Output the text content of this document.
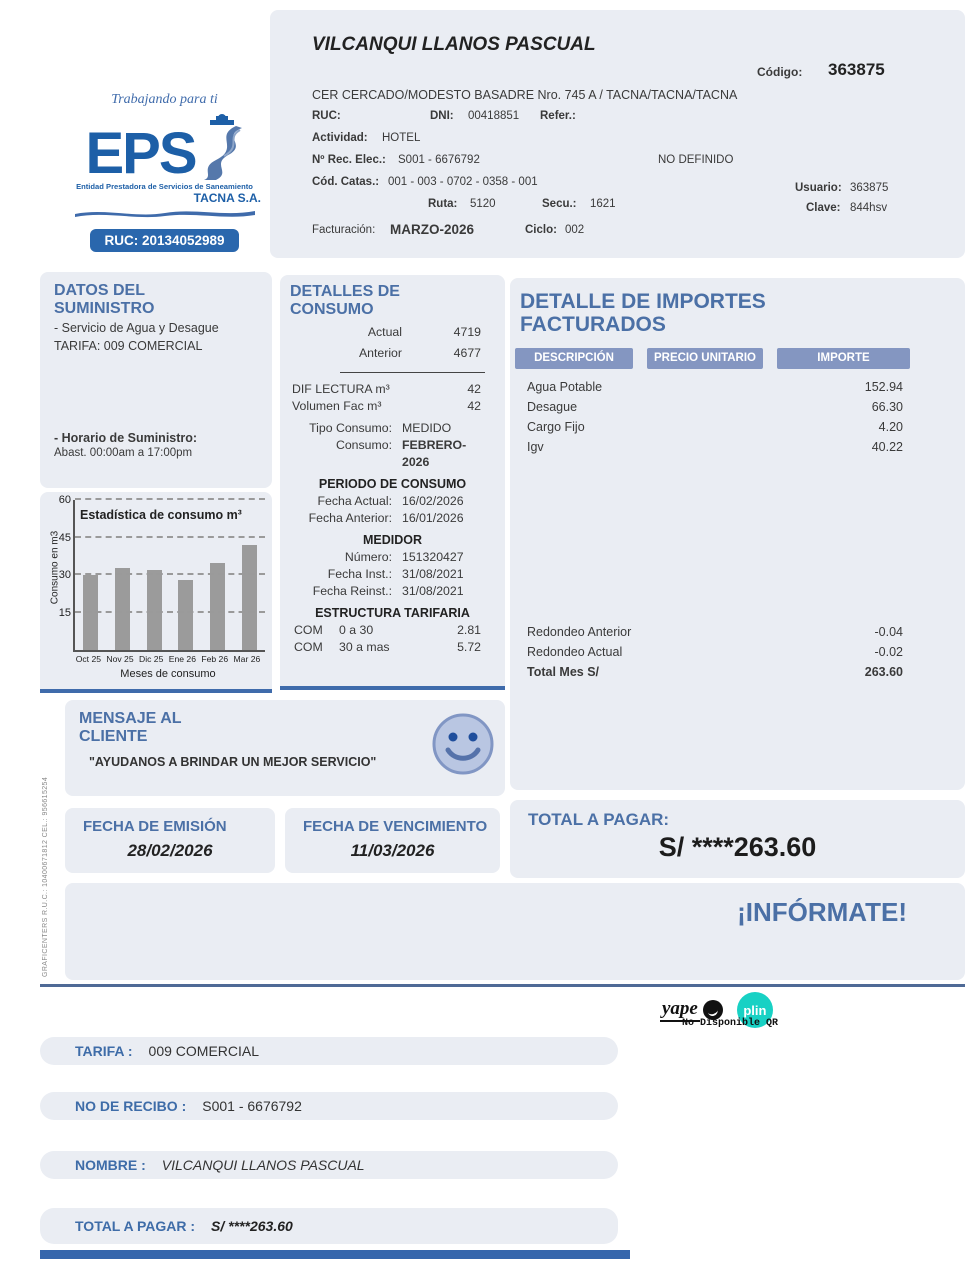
Trabajando para ti
EPS
Entidad Prestadora de Servicios de Saneamiento
TACNA S.A.
RUC: 20134052989
VILCANQUI LLANOS PASCUAL
Código: 363875
CER CERCADO/MODESTO BASADRE Nro. 745 A / TACNA/TACNA/TACNA
RUC:	DNI: 00418851 Refer.:
Actividad: HOTEL
Nº Rec. Elec.: S001 - 6676792	NO DEFINIDO
Cód. Catas.: 001 - 003 - 0702 - 0358 - 001
Ruta: 5120	Secu.: 1621
Usuario: 363875
Clave: 844hsv
Facturación: MARZO-2026	Ciclo: 002
DATOS DEL SUMINISTRO
- Servicio de Agua y Desague
TARIFA: 009 COMERCIAL
- Horario de Suministro:
Abast. 00:00am a 17:00pm
Estadística de consumo m³
Consumo en m3
15
30
45
60
Oct 25 Nov 25 Dic 25 Ene 26 Feb 26 Mar 26
Meses de consumo
DETALLES DE CONSUMO
Actual	4719
Anterior	4677
DIF LECTURA m³	42
Volumen Fac m³	42
Tipo Consumo: MEDIDO
Consumo: FEBRERO-2026
PERIODO DE CONSUMO
Fecha Actual: 16/02/2026
Fecha Anterior: 16/01/2026
MEDIDOR
Número: 151320427
Fecha Inst.: 31/08/2021
Fecha Reinst.: 31/08/2021
ESTRUCTURA TARIFARIA
COM	0 a 30	2.81
COM	30 a mas	5.72
DETALLE DE IMPORTES FACTURADOS
DESCRIPCIÓN	PRECIO UNITARIO	IMPORTE
Agua Potable	152.94
Desague	66.30
Cargo Fijo	4.20
Igv	40.22
Redondeo Anterior	-0.04
Redondeo Actual	-0.02
Total Mes S/	263.60
MENSAJE AL CLIENTE
"AYUDANOS A BRINDAR UN MEJOR SERVICIO"
FECHA DE EMISIÓN
28/02/2026
FECHA DE VENCIMIENTO
11/03/2026
TOTAL A PAGAR:
S/ ****263.60
¡INFÓRMATE!
GRAFICENTERS R.U.C.: 10400671812 CEL.: 956615254
yape	plin
No Disponible QR
TARIFA : 009 COMERCIAL
NO DE RECIBO : S001 - 6676792
NOMBRE : VILCANQUI LLANOS PASCUAL
TOTAL A PAGAR : S/ ****263.60
